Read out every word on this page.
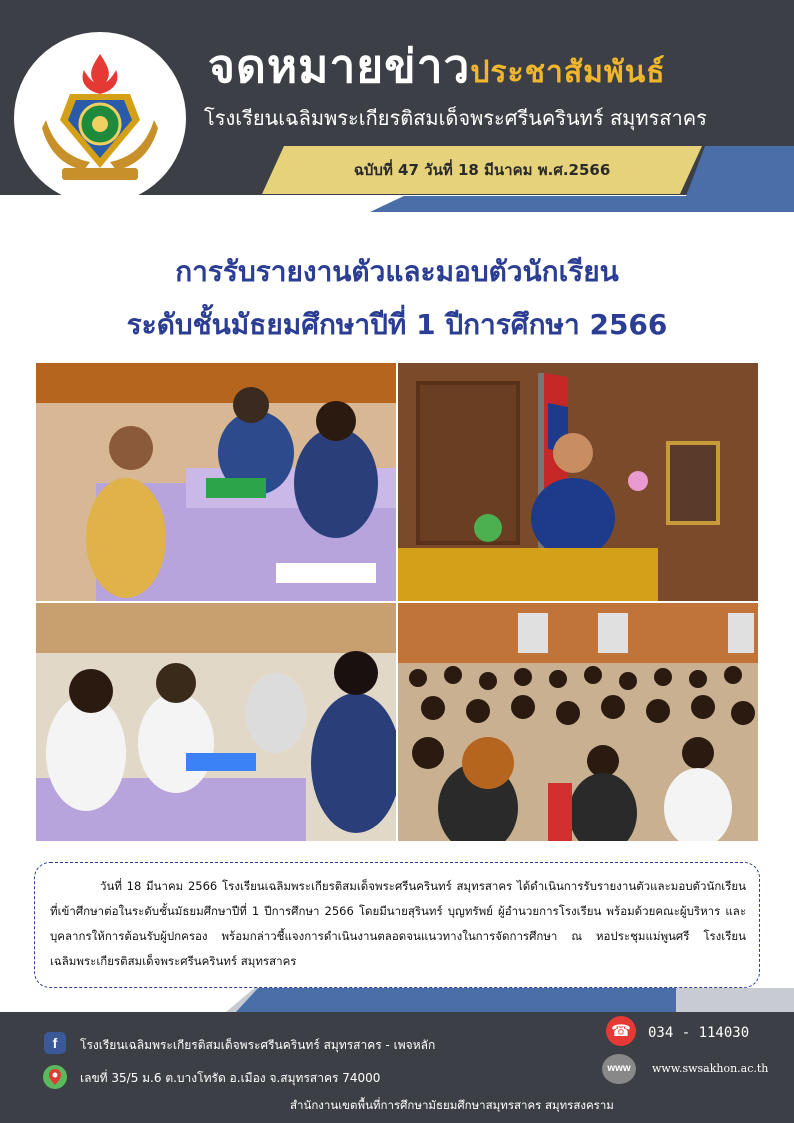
ฉบับที่ 47 วันที่ 18 มีนาคม พ.ศ.2566
จดหมายข่าวประชาสัมพันธ์
โรงเรียนเฉลิมพระเกียรติสมเด็จพระศรีนครินทร์ สมุทรสาคร
การรับรายงานตัวและมอบตัวนักเรียน
ระดับชั้นมัธยมศึกษาปีที่ 1 ปีการศึกษา 2566
วันที่ 18 มีนาคม 2566 โรงเรียนเฉลิมพระเกียรติสมเด็จพระศรีนครินทร์ สมุทรสาคร ได้ดำเนินการรับรายงานตัวและมอบตัวนักเรียนที่เข้าศึกษาต่อในระดับชั้นมัธยมศึกษาปีที่ 1 ปีการศึกษา 2566 โดยมีนายสุรินทร์ บุญทรัพย์ ผู้อำนวยการโรงเรียน พร้อมด้วยคณะผู้บริหาร และบุคลากรให้การต้อนรับผู้ปกครอง พร้อมกล่าวชี้แจงการดำเนินงานตลอดจนแนวทางในการจัดการศึกษา ณ หอประชุมแม่พูนศรี โรงเรียนเฉลิมพระเกียรติสมเด็จพระศรีนครินทร์ สมุทรสาคร
f	โรงเรียนเฉลิมพระเกียรติสมเด็จพระศรีนครินทร์ สมุทรสาคร - เพจหลัก
เลขที่ 35/5 ม.6 ต.บางโทรัด อ.เมือง จ.สมุทรสาคร 74000
☎	034 - 114030
www	www.swsakhon.ac.th
สำนักงานเขตพื้นที่การศึกษามัธยมศึกษาสมุทรสาคร สมุทรสงคราม
